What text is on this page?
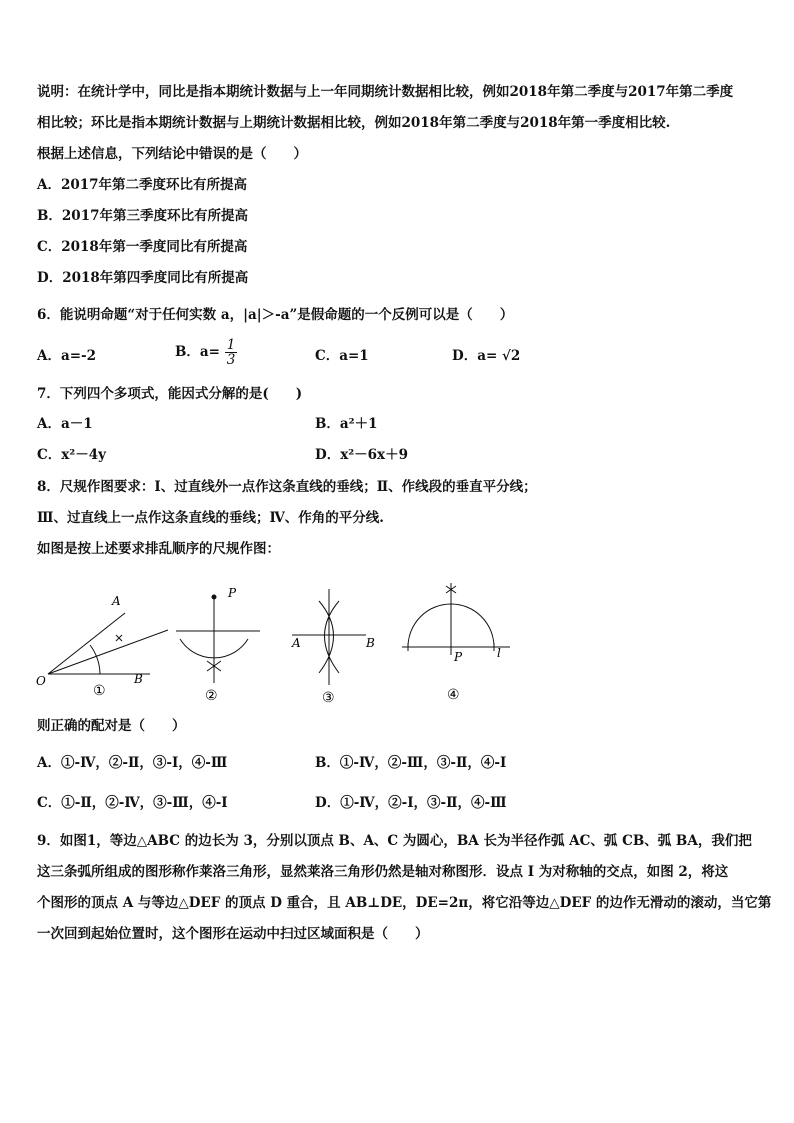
说明：在统计学中，同比是指本期统计数据与上一年同期统计数据相比较，例如2018年第二季度与2017年第二季度
相比较；环比是指本期统计数据与上期统计数据相比较，例如2018年第二季度与2018年第一季度相比较.
根据上述信息，下列结论中错误的是（　　）
A．2017年第二季度环比有所提高
B．2017年第三季度环比有所提高
C．2018年第一季度同比有所提高
D．2018年第四季度同比有所提高
6．能说明命题“对于任何实数 a，|a|＞-a”是假命题的一个反例可以是（　　）
A．a=-2	B．$a= \frac{1}{3}$	C．a=1	D．a= √2
7．下列四个多项式，能因式分解的是(　　)
A．a－1	B．a²＋1
C．x²－4y	D．x²－6x＋9
8．尺规作图要求：Ⅰ、过直线外一点作这条直线的垂线；Ⅱ、作线段的垂直平分线；
Ⅲ、过直线上一点作这条直线的垂线；Ⅳ、作角的平分线.
如图是按上述要求排乱顺序的尺规作图：
A
O	B
①
P
②
A	B
③
P	l
④
则正确的配对是（　　）
A．①-Ⅳ，②-Ⅱ，③-Ⅰ，④-Ⅲ	B．①-Ⅳ，②-Ⅲ，③-Ⅱ，④-Ⅰ
C．①-Ⅱ，②-Ⅳ，③-Ⅲ，④-Ⅰ	D．①-Ⅳ，②-Ⅰ，③-Ⅱ，④-Ⅲ
9．如图1，等边△ABC 的边长为 3，分别以顶点 B、A、C 为圆心，BA 长为半径作弧 AC、弧 CB、弧 BA，我们把
这三条弧所组成的图形称作莱洛三角形，显然莱洛三角形仍然是轴对称图形．设点 I 为对称轴的交点，如图 2，将这
个图形的顶点 A 与等边△DEF 的顶点 D 重合，且 AB⊥DE，DE=2π，将它沿等边△DEF 的边作无滑动的滚动，当它第
一次回到起始位置时，这个图形在运动中扫过区域面积是（　　）
